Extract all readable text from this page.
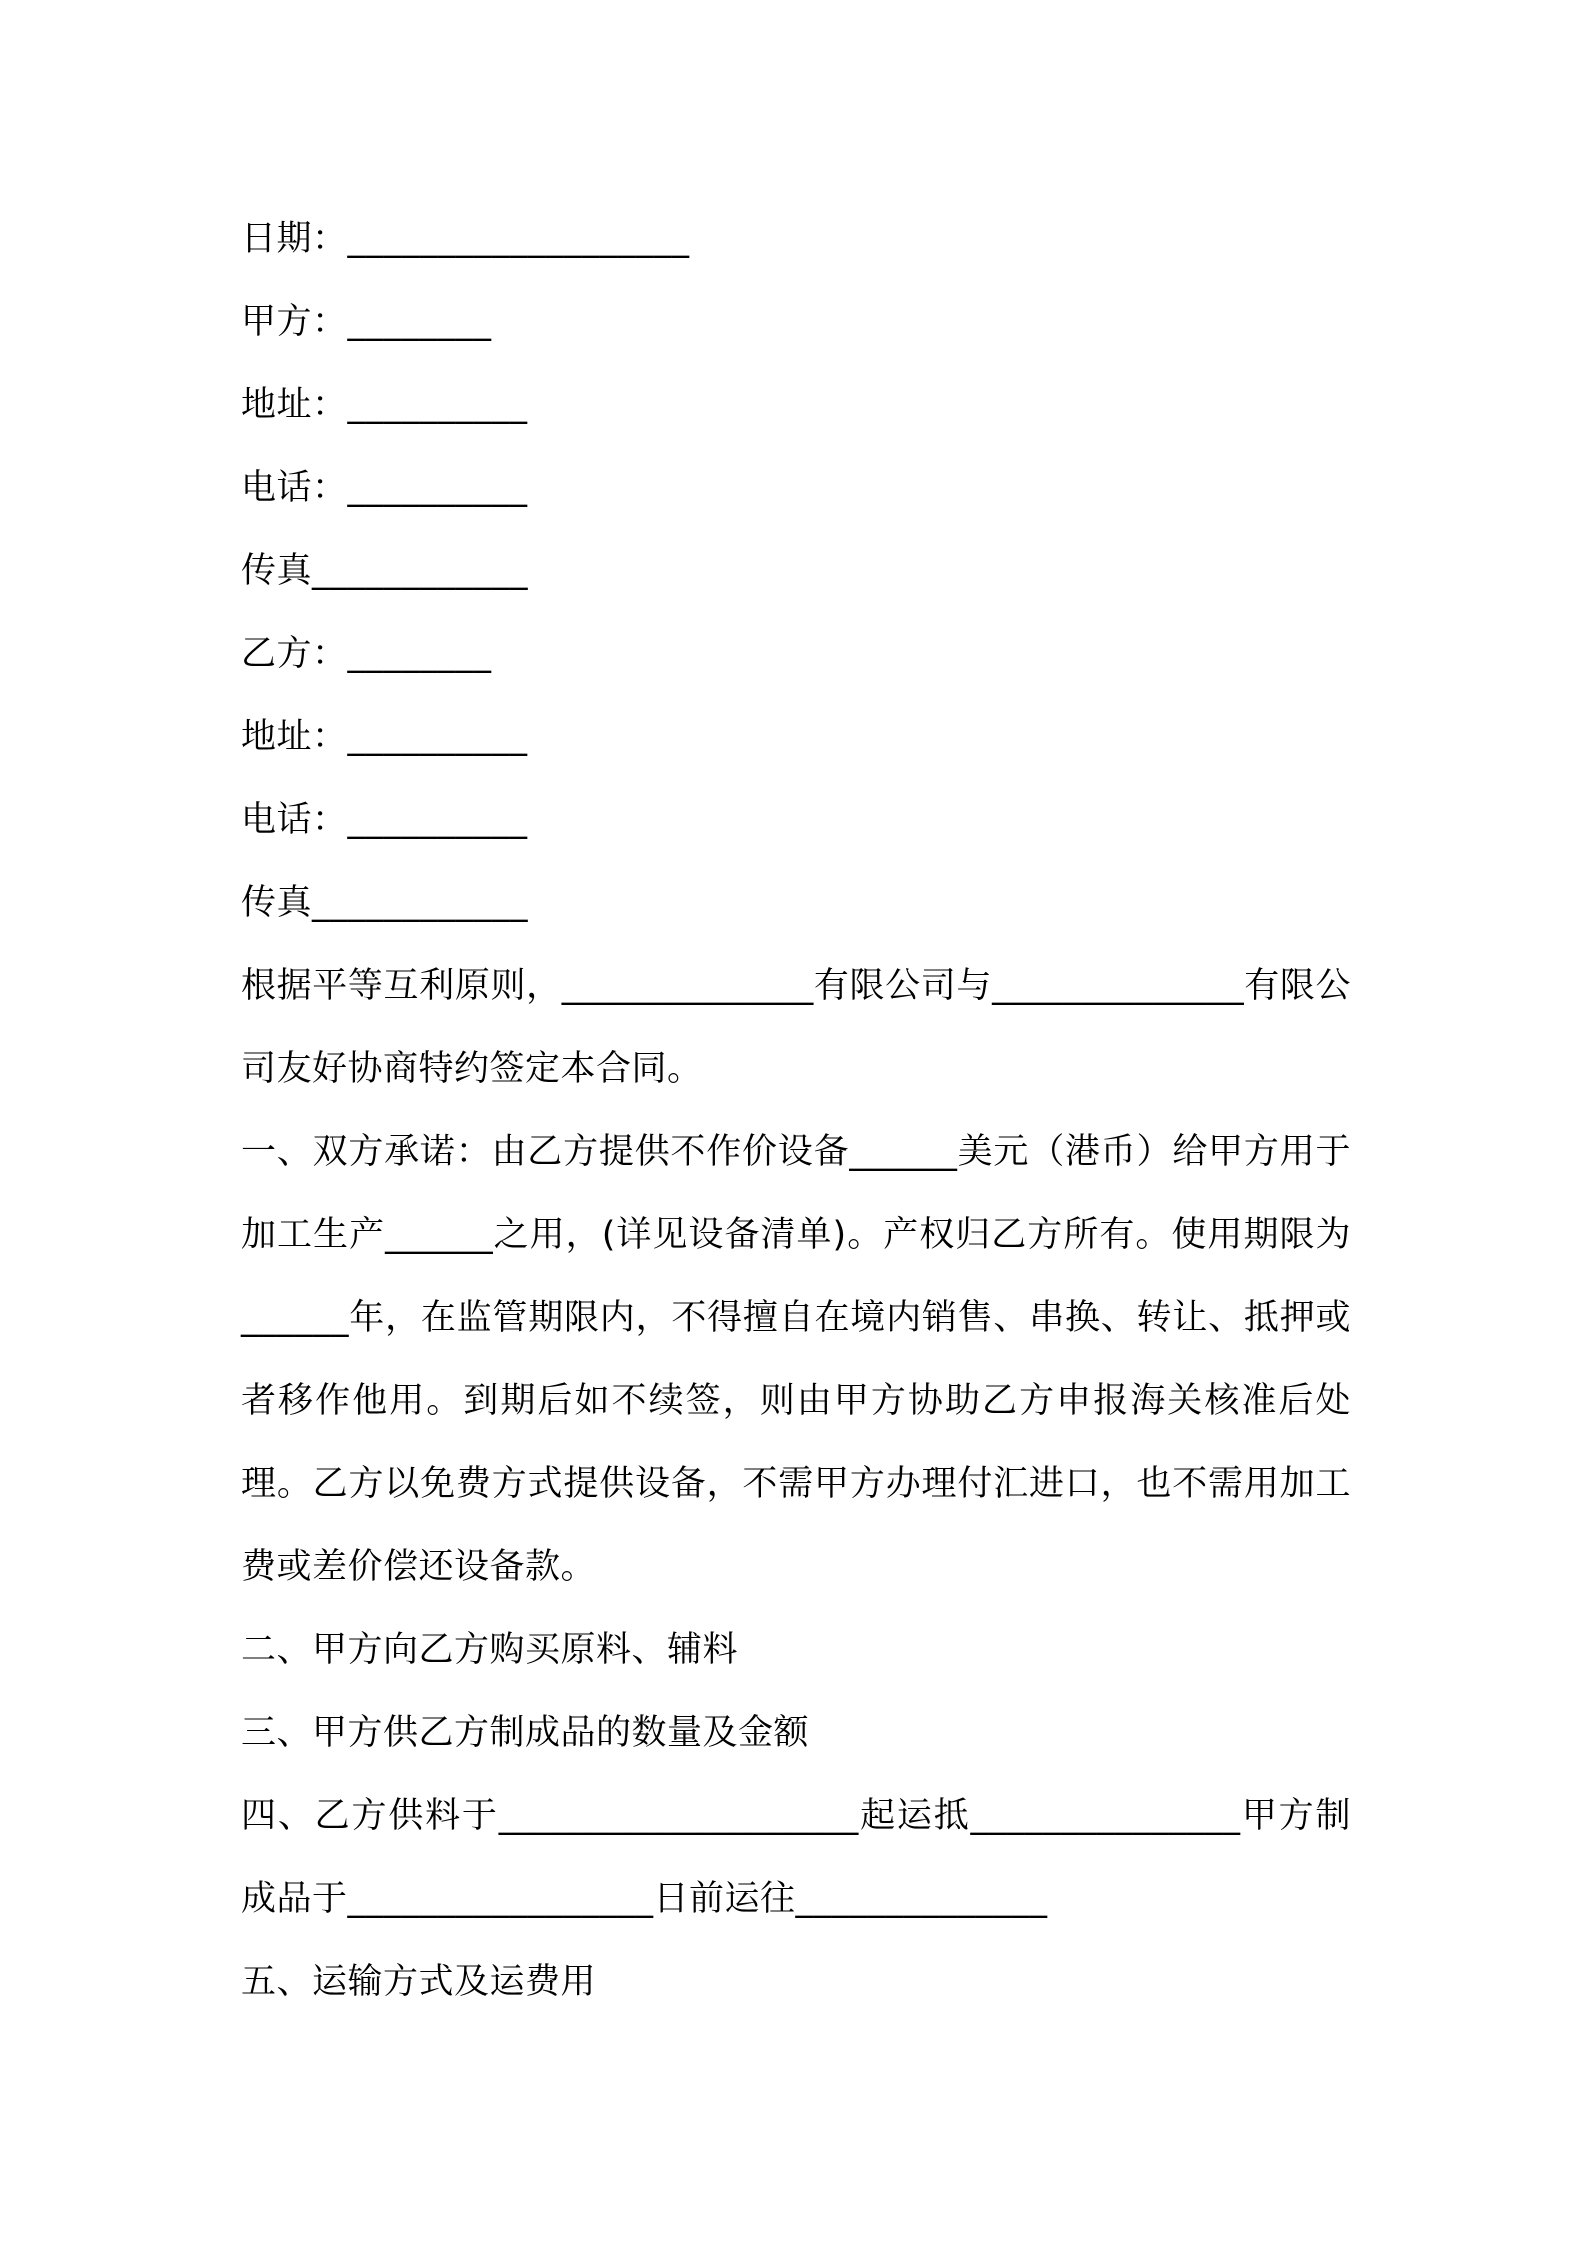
日期：___________________
甲方：________
地址：__________
电话：__________
传真____________
乙方：________
地址：__________
电话：__________
传真____________
根据平等互利原则，______________有限公司与______________有限公司友好协商特约签定本合同。
一、双方承诺：由乙方提供不作价设备______美元（港币）给甲方用于加工生产______之用，(详见设备清单)。产权归乙方所有。使用期限为______年，在监管期限内，不得擅自在境内销售、串换、转让、抵押或者移作他用。到期后如不续签，则由甲方协助乙方申报海关核准后处理。乙方以免费方式提供设备，不需甲方办理付汇进口，也不需用加工费或差价偿还设备款。
二、甲方向乙方购买原料、辅料
三、甲方供乙方制成品的数量及金额
四、乙方供料于____________________起运抵_______________甲方制成品于_________________日前运往______________
五、运输方式及运费用
